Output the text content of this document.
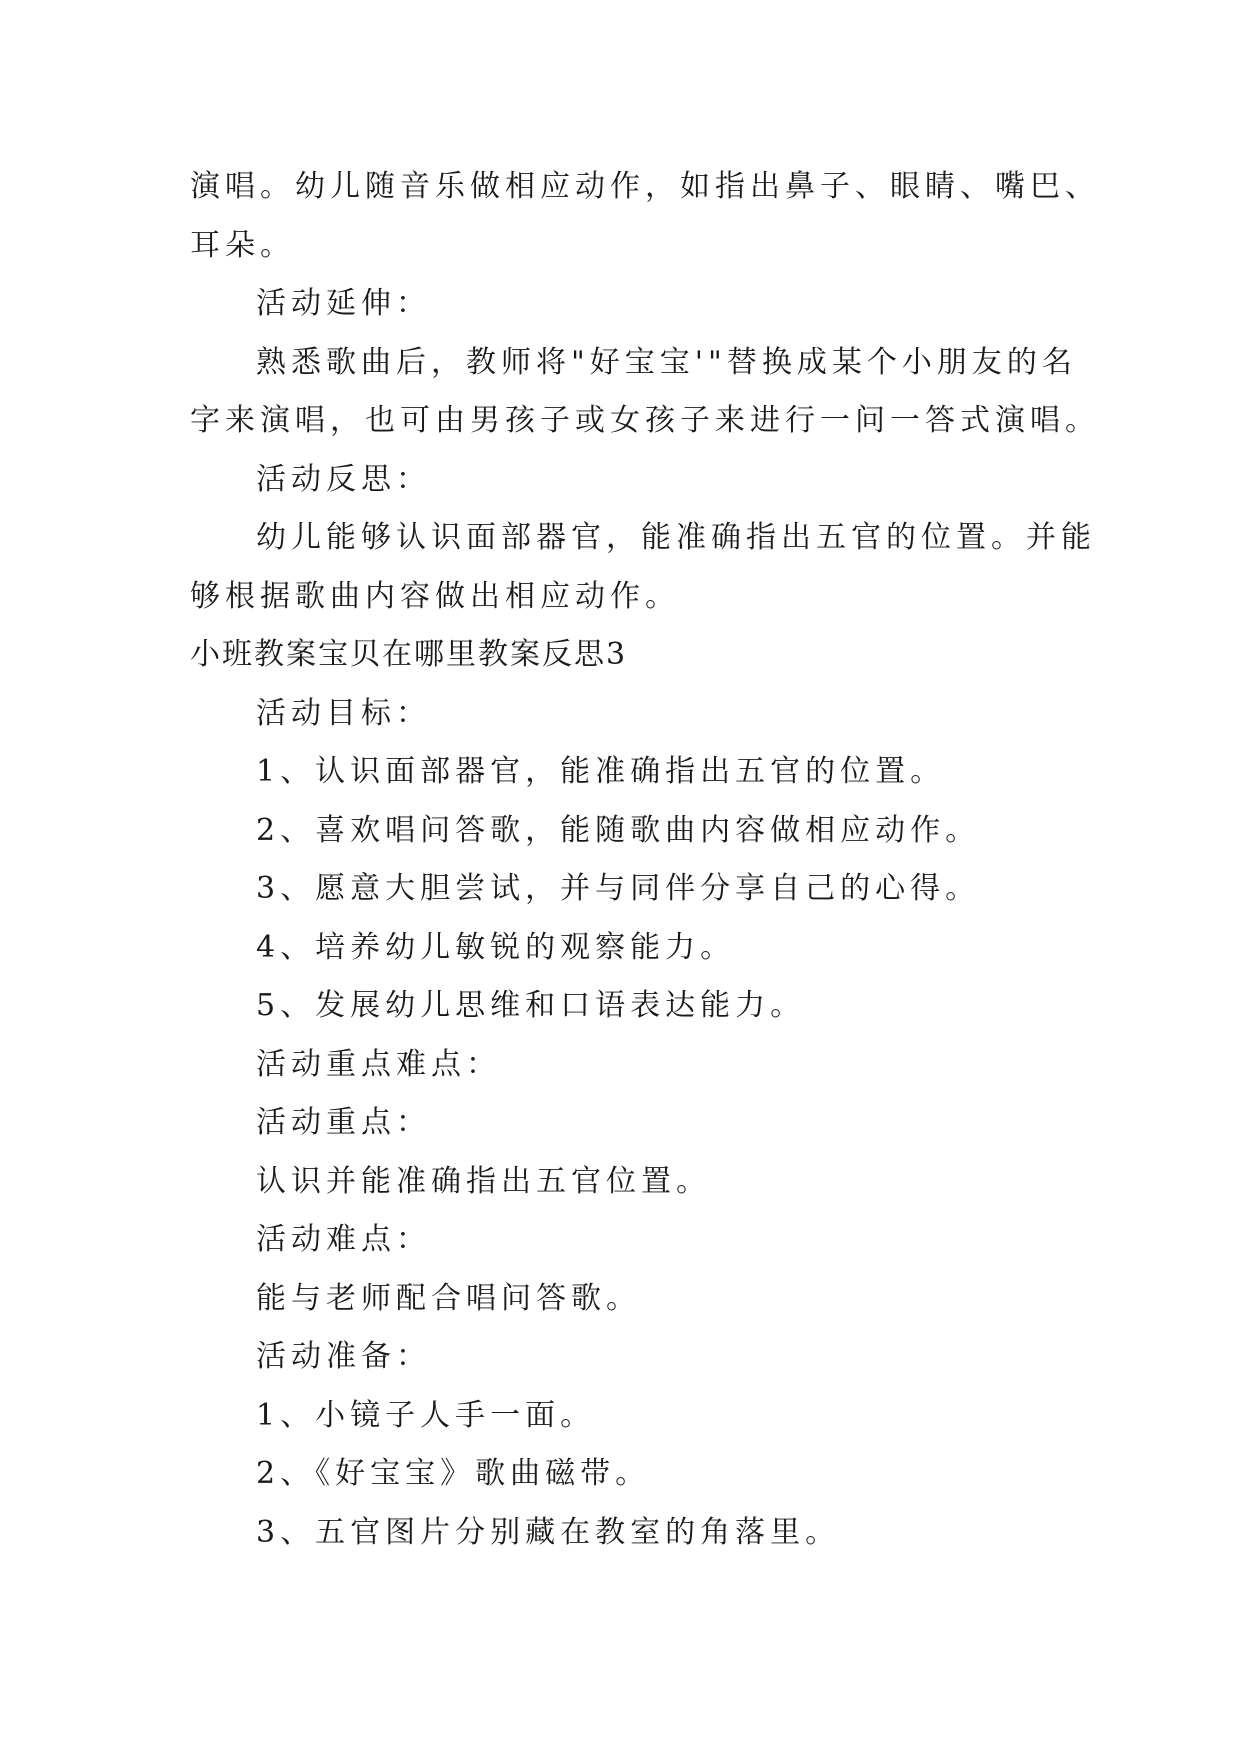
演唱。幼儿随音乐做相应动作，如指出鼻子、眼睛、嘴巴、

耳朵。

活动延伸：

熟悉歌曲后，教师将"好宝宝'"替换成某个小朋友的名

字来演唱，也可由男孩子或女孩子来进行一问一答式演唱。

活动反思：

幼儿能够认识面部器官，能准确指出五官的位置。并能

够根据歌曲内容做出相应动作。

小班教案宝贝在哪里教案反思3

活动目标：

1、认识面部器官，能准确指出五官的位置。

2、喜欢唱问答歌，能随歌曲内容做相应动作。

3、愿意大胆尝试，并与同伴分享自己的心得。

4、培养幼儿敏锐的观察能力。

5、发展幼儿思维和口语表达能力。

活动重点难点：

活动重点：

认识并能准确指出五官位置。

活动难点：

能与老师配合唱问答歌。

活动准备：

1、小镜子人手一面。

2、《好宝宝》歌曲磁带。

3、五官图片分别藏在教室的角落里。
